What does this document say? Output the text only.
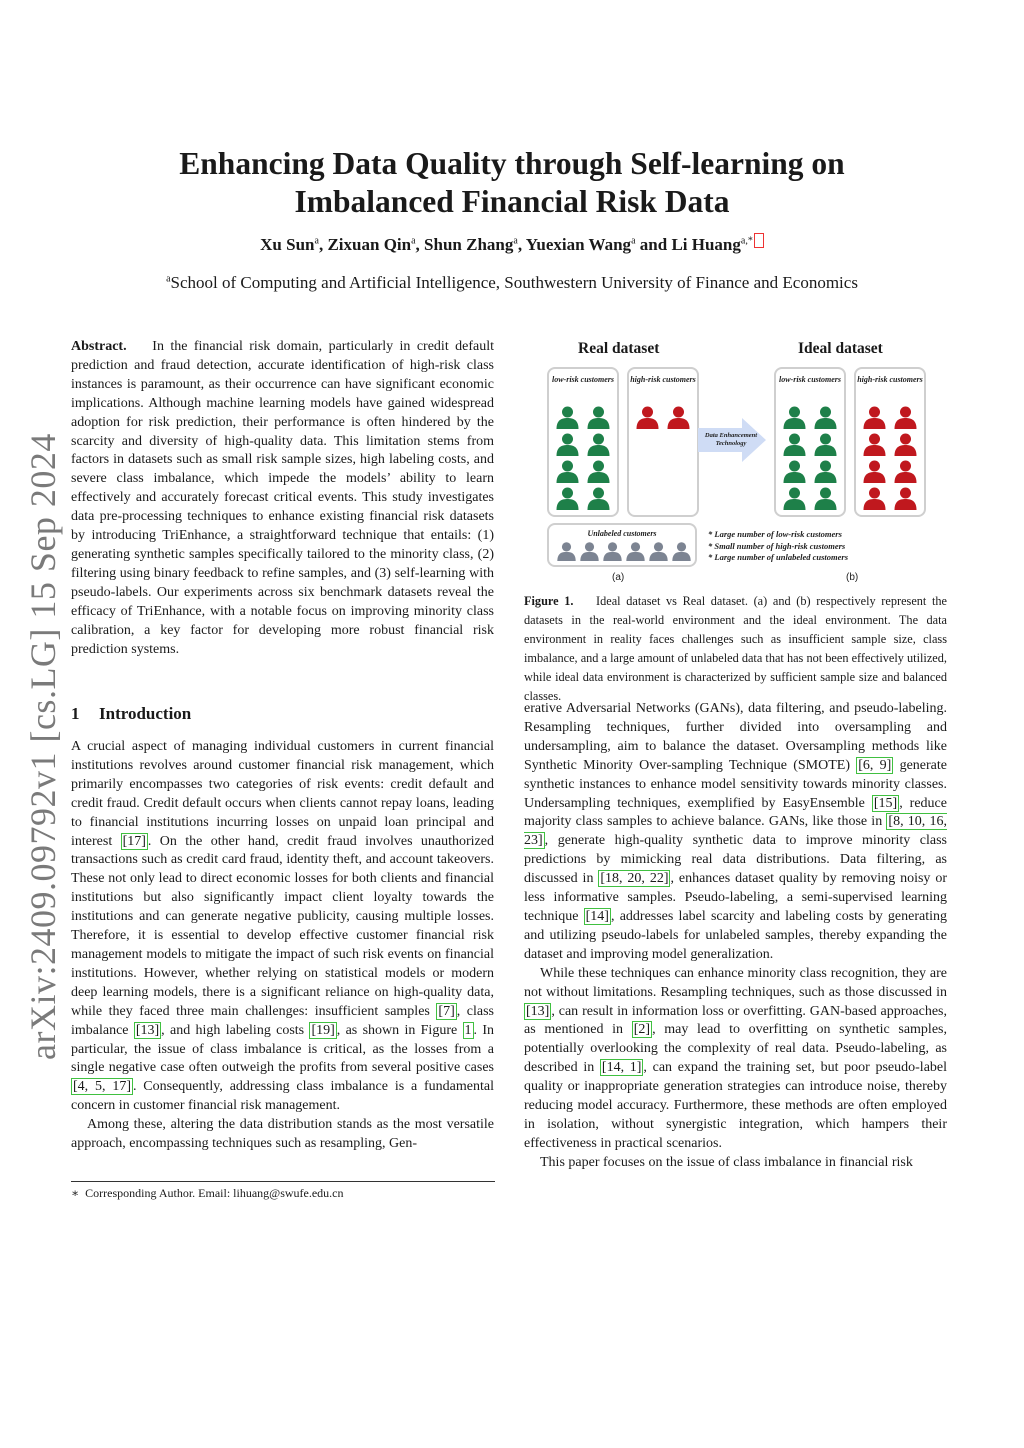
arXiv:2409.09792v1 [cs.LG] 15 Sep 2024
Enhancing Data Quality through Self-learning on
Imbalanced Financial Risk Data
Xu Sun$^a$, Zixuan Qin$^a$, Shun Zhang$^a$, Yuexian Wang$^a$ and Li Huang$^{a,*}$
$^a$School of Computing and Artificial Intelligence, Southwestern University of Finance and Economics

Abstract. In the financial risk domain, particularly in credit default prediction and fraud detection, accurate identification of high-risk class instances is paramount, as their occurrence can have significant economic implications. Although machine learning models have gained widespread adoption for risk prediction, their performance is often hindered by the scarcity and diversity of high-quality data. This limitation stems from factors in datasets such as small risk sample sizes, high labeling costs, and severe class imbalance, which impede the models’ ability to learn effectively and accurately forecast critical events. This study investigates data pre-processing techniques to enhance existing financial risk datasets by introducing TriEnhance, a straightforward technique that entails: (1) generating synthetic samples specifically tailored to the minority class, (2) filtering using binary feedback to refine samples, and (3) self-learning with pseudo-labels. Our experiments across six benchmark datasets reveal the efficacy of TriEnhance, with a notable focus on improving minority class calibration, a key factor for developing more robust financial risk prediction systems.

1 Introduction

A crucial aspect of managing individual customers in current financial institutions revolves around customer financial risk management, which primarily encompasses two categories of risk events: credit default and credit fraud. Credit default occurs when clients cannot repay loans, leading to financial institutions incurring losses on unpaid loan principal and interest [17] . On the other hand, credit fraud involves unauthorized transactions such as credit card fraud, identity theft, and account takeovers. These not only lead to direct economic losses for both clients and financial institutions but also significantly impact client loyalty towards the institutions and can generate negative publicity, causing multiple losses. Therefore, it is essential to develop effective customer financial risk management models to mitigate the impact of such risk events on financial institutions. However, whether relying on statistical models or modern deep learning models, there is a significant reliance on high-quality data, while they faced three main challenges: insufficient samples [7] , class imbalance [13] , and high labeling costs [19] , as shown in Figure 1 . In particular, the issue of class imbalance is critical, as the losses from a single negative case often outweigh the profits from several positive cases [4, 5, 17] . Consequently, addressing class imbalance is a fundamental concern in customer financial risk management.

Among these, altering the data distribution stands as the most versatile approach, encompassing techniques such as resampling, Gen-

∗ Corresponding Author. Email: lihuang@swufe.edu.cn
Real dataset	Ideal dataset
low-risk customers	high-risk customers
Data Enhancement Technology
low-risk customers	high-risk customers
Unlabeled customers	* Large number of low-risk customers
* Small number of high-risk customers
* Large number of unlabeled customers
(a)	(b)
Figure 1. Ideal dataset vs Real dataset. (a) and (b) respectively represent the datasets in the real-world environment and the ideal environment. The data environment in reality faces challenges such as insufficient sample size, class imbalance, and a large amount of unlabeled data that has not been effectively utilized, while ideal data environment is characterized by sufficient sample size and balanced classes.

erative Adversarial Networks (GANs), data filtering, and pseudo-labeling. Resampling techniques, further divided into oversampling and undersampling, aim to balance the dataset. Oversampling methods like Synthetic Minority Over-sampling Technique (SMOTE) [6, 9] generate synthetic instances to enhance model sensitivity towards minority classes. Undersampling techniques, exemplified by EasyEnsemble [15] , reduce majority class samples to achieve balance. GANs, like those in [8, 10, 16, 23] , generate high-quality synthetic data to improve minority class predictions by mimicking real data distributions. Data filtering, as discussed in [18, 20, 22] , enhances dataset quality by removing noisy or less informative samples. Pseudo-labeling, a semi-supervised learning technique [14] , addresses label scarcity and labeling costs by generating and utilizing pseudo-labels for unlabeled samples, thereby expanding the dataset and improving model generalization.

While these techniques can enhance minority class recognition, they are not without limitations. Resampling techniques, such as those discussed in [13] , can result in information loss or overfitting. GAN-based approaches, as mentioned in [2] , may lead to overfitting on synthetic samples, potentially overlooking the complexity of real data. Pseudo-labeling, as described in [14, 1] , can expand the training set, but poor pseudo-label quality or inappropriate generation strategies can introduce noise, thereby reducing model accuracy. Furthermore, these methods are often employed in isolation, without synergistic integration, which hampers their effectiveness in practical scenarios.

This paper focuses on the issue of class imbalance in financial risk
